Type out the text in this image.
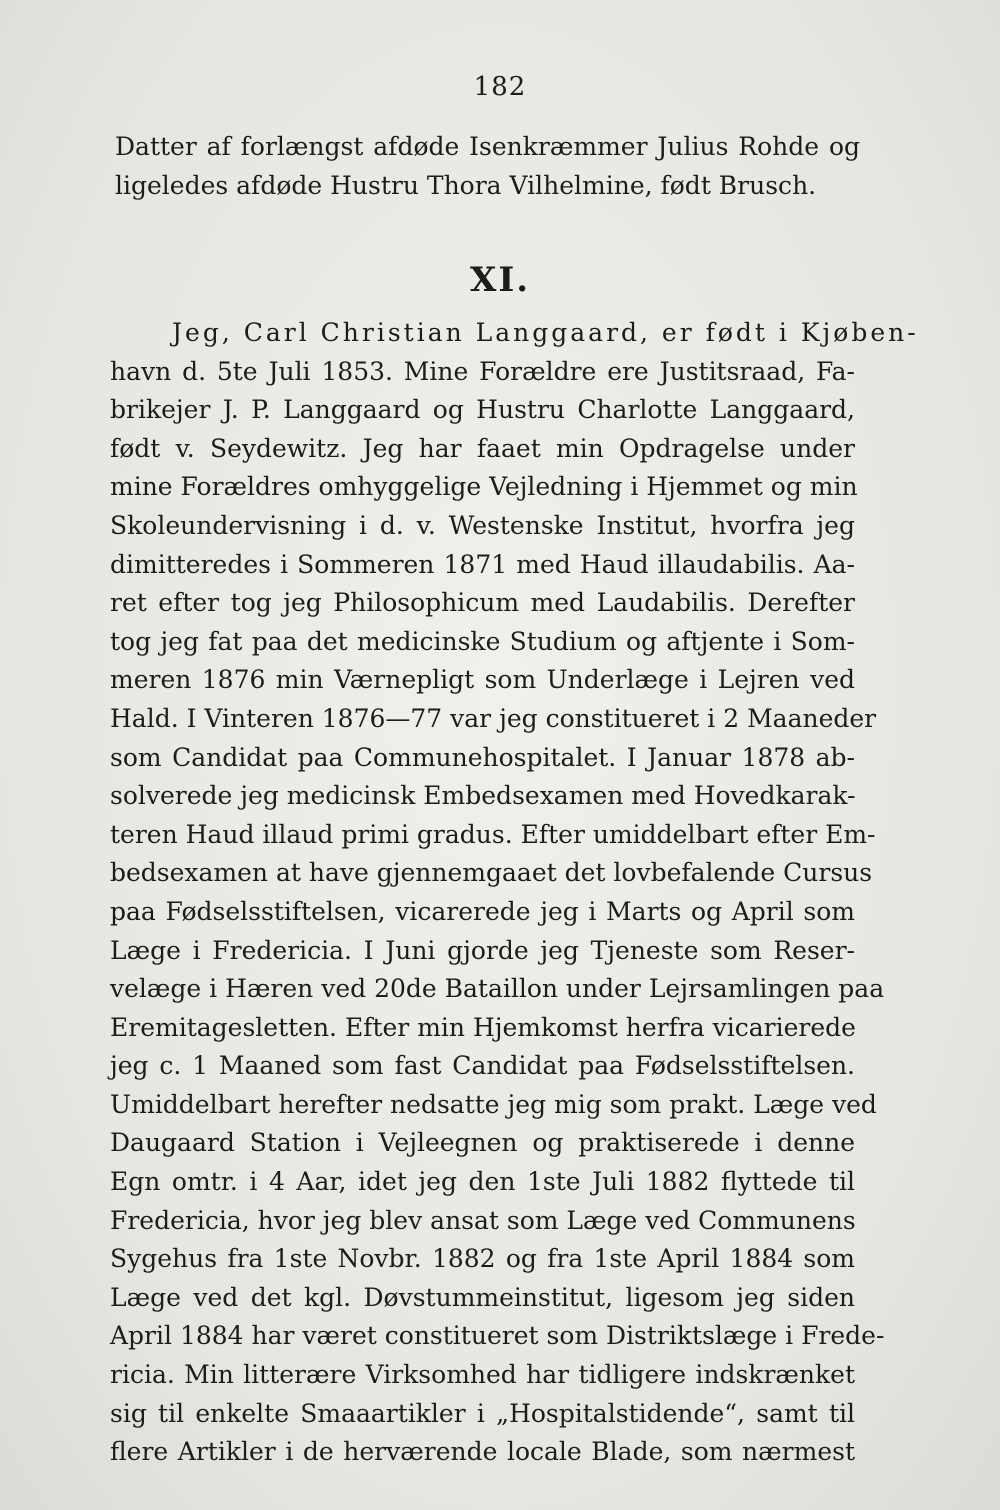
182
Datter af forlængst afdøde Isenkræmmer Julius Rohde og
ligeledes afdøde Hustru Thora Vilhelmine, født Brusch.
XI.
Jeg, Carl Christian Langgaard, er født i Kjøben-
havn d. 5te Juli 1853. Mine Forældre ere Justitsraad, Fa-
brikejer J. P. Langgaard og Hustru Charlotte Langgaard,
født v. Seydewitz. Jeg har faaet min Opdragelse under
mine Forældres omhyggelige Vejledning i Hjemmet og min
Skoleundervisning i d. v. Westenske Institut, hvorfra jeg
dimitteredes i Sommeren 1871 med Haud illaudabilis. Aa-
ret efter tog jeg Philosophicum med Laudabilis. Derefter
tog jeg fat paa det medicinske Studium og aftjente i Som-
meren 1876 min Værnepligt som Underlæge i Lejren ved
Hald. I Vinteren 1876—77 var jeg constitueret i 2 Maaneder
som Candidat paa Communehospitalet. I Januar 1878 ab-
solverede jeg medicinsk Embedsexamen med Hovedkarak-
teren Haud illaud primi gradus. Efter umiddelbart efter Em-
bedsexamen at have gjennemgaaet det lovbefalende Cursus
paa Fødselsstiftelsen, vicarerede jeg i Marts og April som
Læge i Fredericia. I Juni gjorde jeg Tjeneste som Reser-
velæge i Hæren ved 20de Bataillon under Lejrsamlingen paa
Eremitagesletten. Efter min Hjemkomst herfra vicarierede
jeg c. 1 Maaned som fast Candidat paa Fødselsstiftelsen.
Umiddelbart herefter nedsatte jeg mig som prakt. Læge ved
Daugaard Station i Vejleegnen og praktiserede i denne
Egn omtr. i 4 Aar, idet jeg den 1ste Juli 1882 flyttede til
Fredericia, hvor jeg blev ansat som Læge ved Communens
Sygehus fra 1ste Novbr. 1882 og fra 1ste April 1884 som
Læge ved det kgl. Døvstummeinstitut, ligesom jeg siden
April 1884 har været constitueret som Distriktslæge i Frede-
ricia. Min litterære Virksomhed har tidligere indskrænket
sig til enkelte Smaaartikler i „Hospitalstidende“, samt til
flere Artikler i de herværende locale Blade, som nærmest
